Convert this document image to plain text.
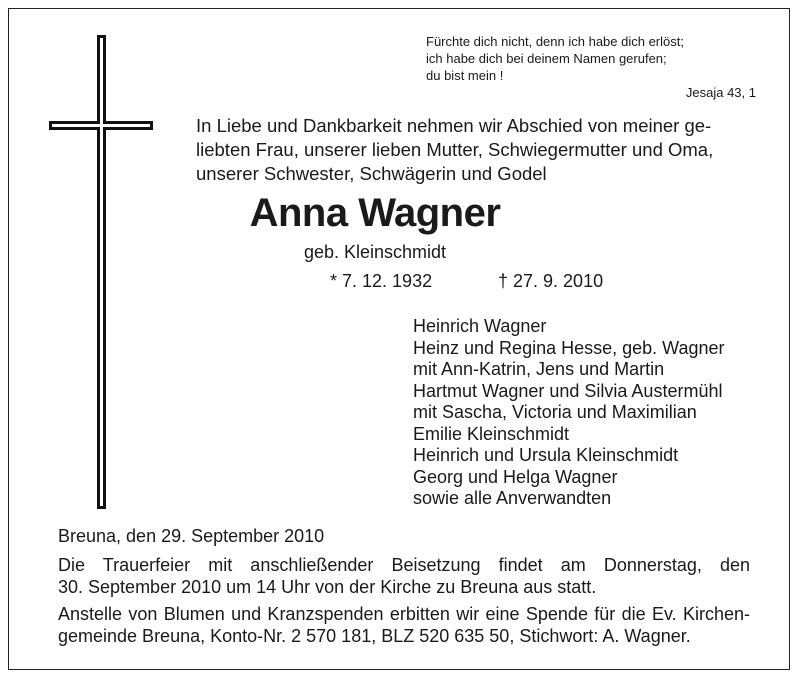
Fürchte dich nicht, denn ich habe dich erlöst;
ich habe dich bei deinem Namen gerufen;
du bist mein !
Jesaja 43, 1
In Liebe und Dankbarkeit nehmen wir Abschied von meiner ge-
liebten Frau, unserer lieben Mutter, Schwiegermutter und Oma,
unserer Schwester, Schwägerin und Godel
Anna Wagner
geb. Kleinschmidt
* 7. 12. 1932	† 27. 9. 2010
Heinrich Wagner
Heinz und Regina Hesse, geb. Wagner
mit Ann-Katrin, Jens und Martin
Hartmut Wagner und Silvia Austermühl
mit Sascha, Victoria und Maximilian
Emilie Kleinschmidt
Heinrich und Ursula Kleinschmidt
Georg und Helga Wagner
sowie alle Anverwandten
Breuna, den 29. September 2010
Die Trauerfeier mit anschließender Beisetzung findet am Donnerstag, den
30. September 2010 um 14 Uhr von der Kirche zu Breuna aus statt.
Anstelle von Blumen und Kranzspenden erbitten wir eine Spende für die Ev. Kirchen-
gemeinde Breuna, Konto-Nr. 2 570 181, BLZ 520 635 50, Stichwort: A. Wagner.
